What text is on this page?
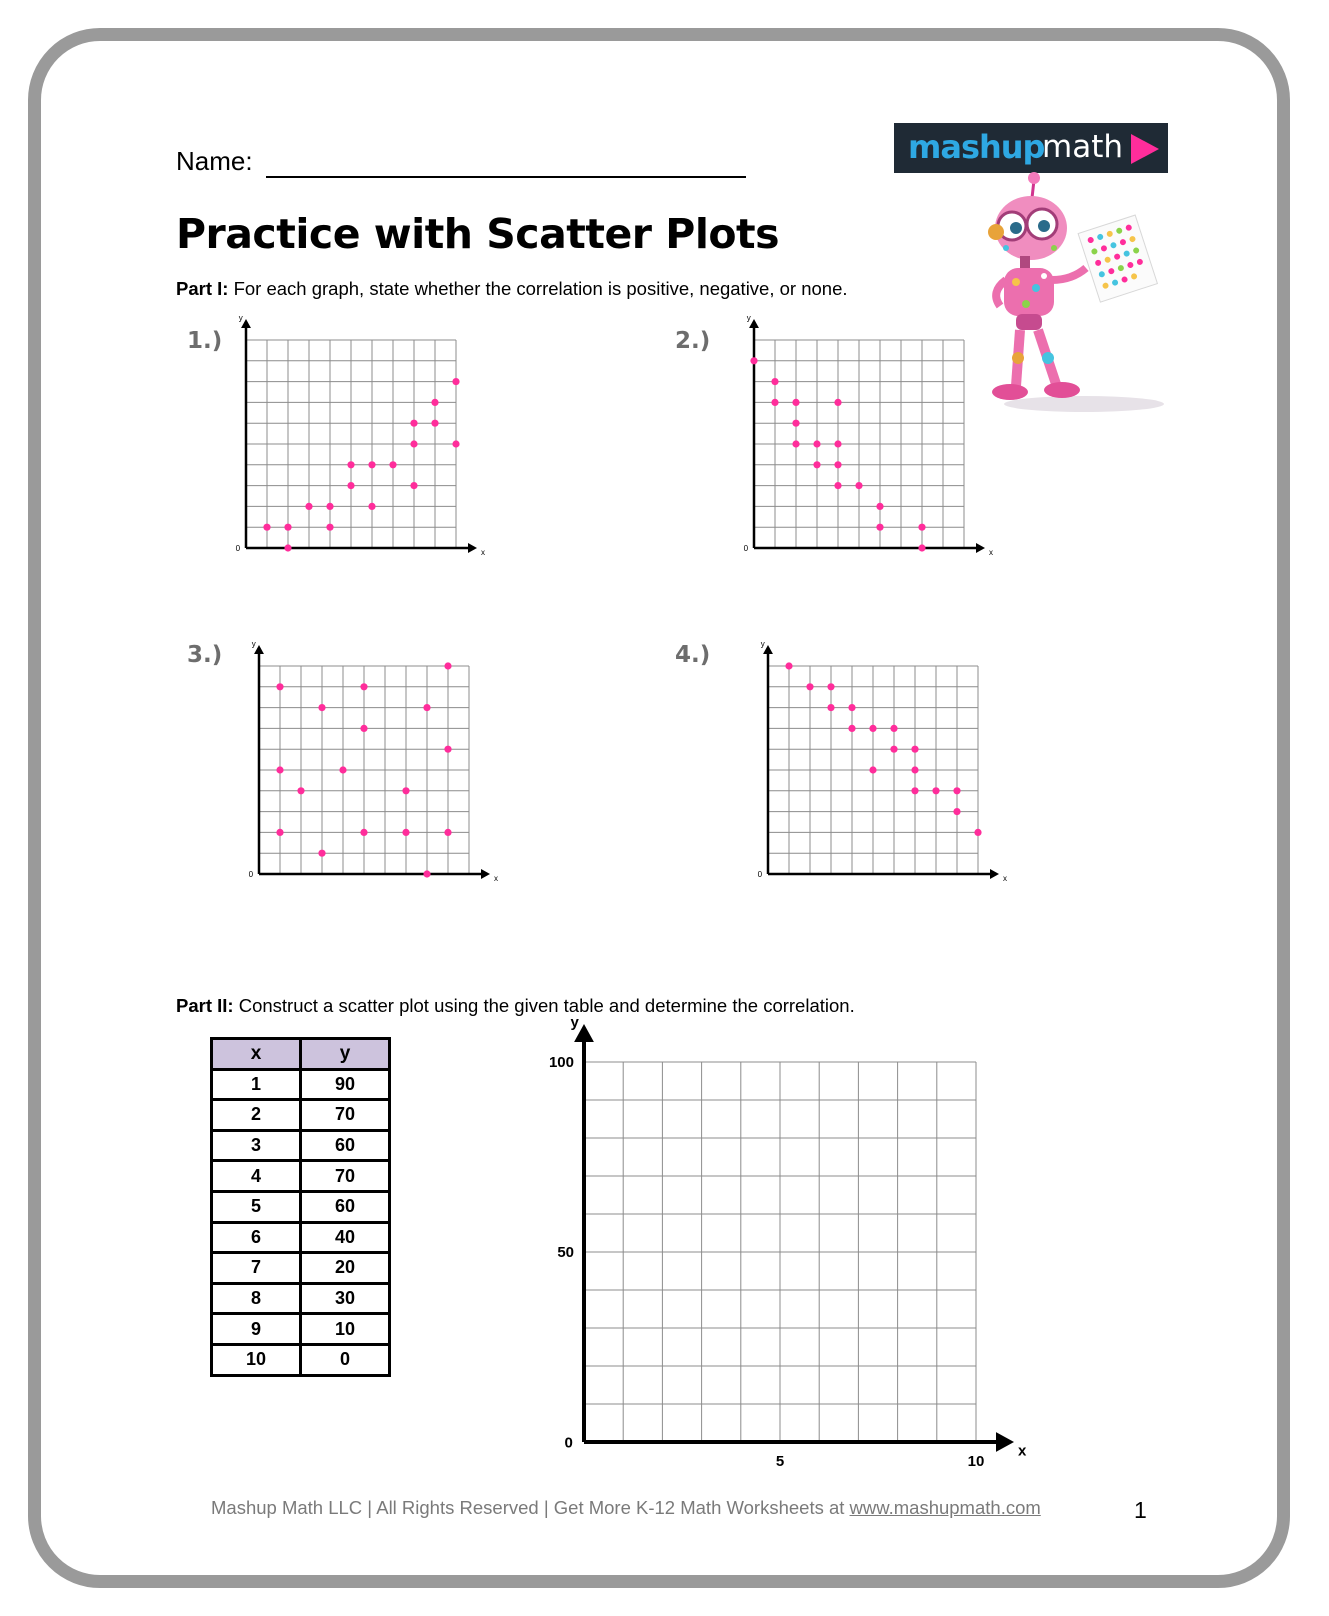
Name:	mashup
math
Practice with Scatter Plots
Part I: For each graph, state whether the correlation is positive, negative, or none.
1.)	2.)
3.)	4.)
x
y
0	x
y
0
x
y
0	x
y
0
Part II: Construct a scatter plot using the given table and determine the correlation.
x	y
1	90
2	70
3	60
4	70
5	60
6	40
7	20
8	30
9	10
10	0
x
y
0
5	10
50
100
Mashup Math LLC | All Rights Reserved | Get More K-12 Math Worksheets at www.mashupmath.com	1
